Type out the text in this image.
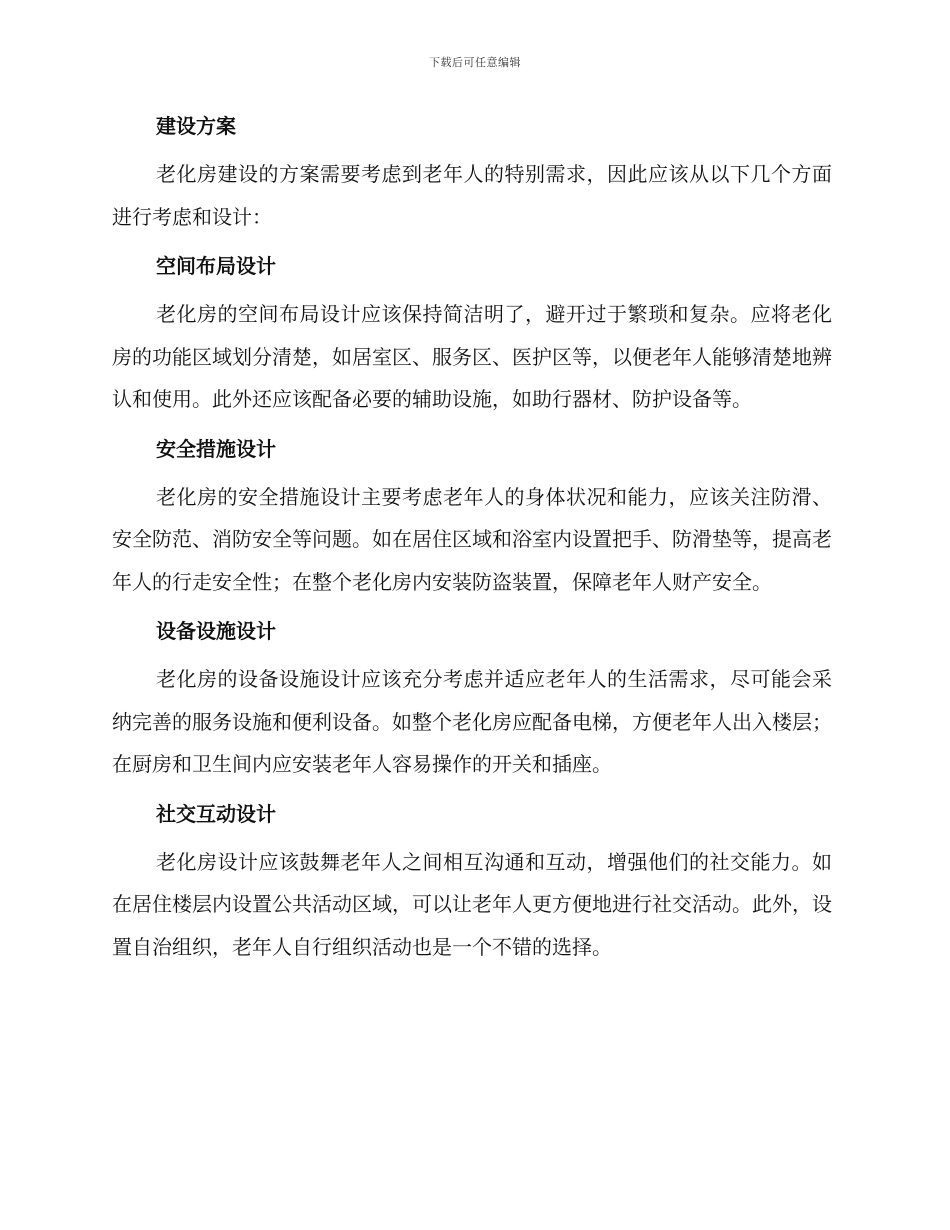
下载后可任意编辑
建设方案

老化房建设的方案需要考虑到老年人的特别需求，因此应该从以下几个方面进行考虑和设计：

空间布局设计

老化房的空间布局设计应该保持简洁明了，避开过于繁琐和复杂。应将老化房的功能区域划分清楚，如居室区、服务区、医护区等，以便老年人能够清楚地辨认和使用。此外还应该配备必要的辅助设施，如助行器材、防护设备等。

安全措施设计

老化房的安全措施设计主要考虑老年人的身体状况和能力，应该关注防滑、安全防范、消防安全等问题。如在居住区域和浴室内设置把手、防滑垫等，提高老年人的行走安全性；在整个老化房内安装防盗装置，保障老年人财产安全。

设备设施设计

老化房的设备设施设计应该充分考虑并适应老年人的生活需求，尽可能会采纳完善的服务设施和便利设备。如整个老化房应配备电梯，方便老年人出入楼层；在厨房和卫生间内应安装老年人容易操作的开关和插座。

社交互动设计

老化房设计应该鼓舞老年人之间相互沟通和互动，增强他们的社交能力。如在居住楼层内设置公共活动区域，可以让老年人更方便地进行社交活动。此外，设置自治组织，老年人自行组织活动也是一个不错的选择。
